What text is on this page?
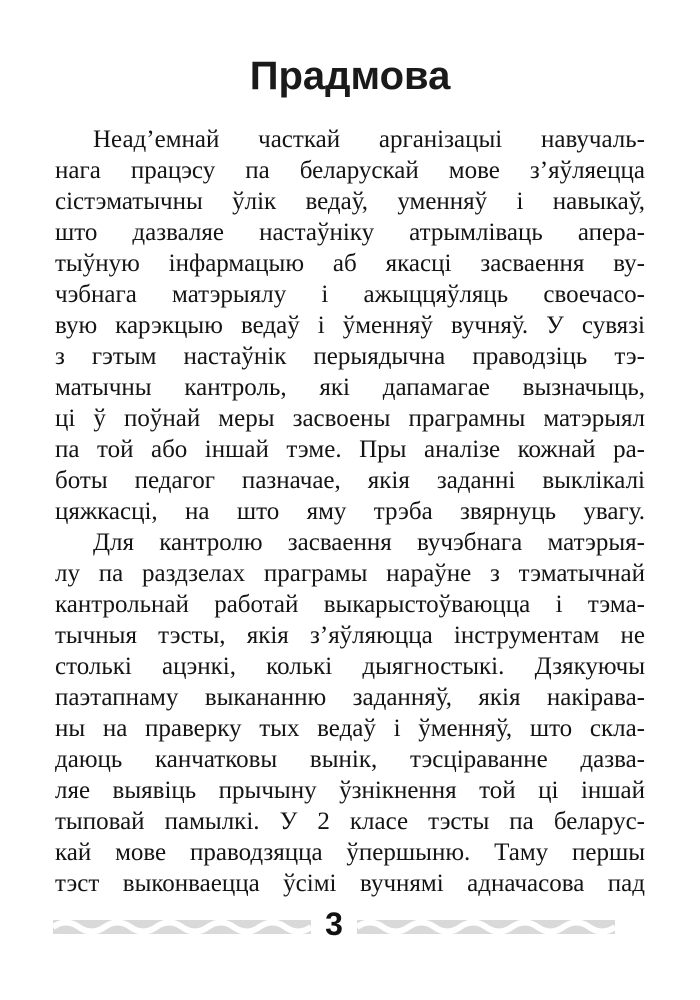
Прадмова
Неад’емнай часткай арганізацыі навучаль-
нага працэсу па беларускай мове з’яўляецца
сістэматычны ўлік ведаў, уменняў і навыкаў,
што дазваляе настаўніку атрымліваць апера-
тыўную інфармацыю аб якасці засваення ву-
чэбнага матэрыялу і ажыццяўляць своечасо-
вую карэкцыю ведаў і ўменняў вучняў. У сувязі
з гэтым настаўнік перыядычна праводзіць тэ-
матычны кантроль, які дапамагае вызначыць,
ці ў поўнай меры засвоены праграмны матэрыял
па той або іншай тэме. Пры аналізе кожнай ра-
боты педагог пазначае, якія заданні выклікалі
цяжкасці, на што яму трэба звярнуць увагу.
Для кантролю засваення вучэбнага матэрыя-
лу па раздзелах праграмы нараўне з тэматычнай
кантрольнай работай выкарыстоўваюцца і тэма-
тычныя тэсты, якія з’яўляюцца інструментам не
столькі ацэнкі, колькі дыягностыкі. Дзякуючы
паэтапнаму выкананню заданняў, якія накірава-
ны на праверку тых ведаў і ўменняў, што скла-
даюць канчатковы вынік, тэсціраванне дазва-
ляе выявіць прычыну ўзнікнення той ці іншай
тыповай памылкі. У 2 класе тэсты па беларус-
кай мове праводзяцца ўпершыню. Таму першы
тэст выконваецца ўсімі вучнямі адначасова пад
3
